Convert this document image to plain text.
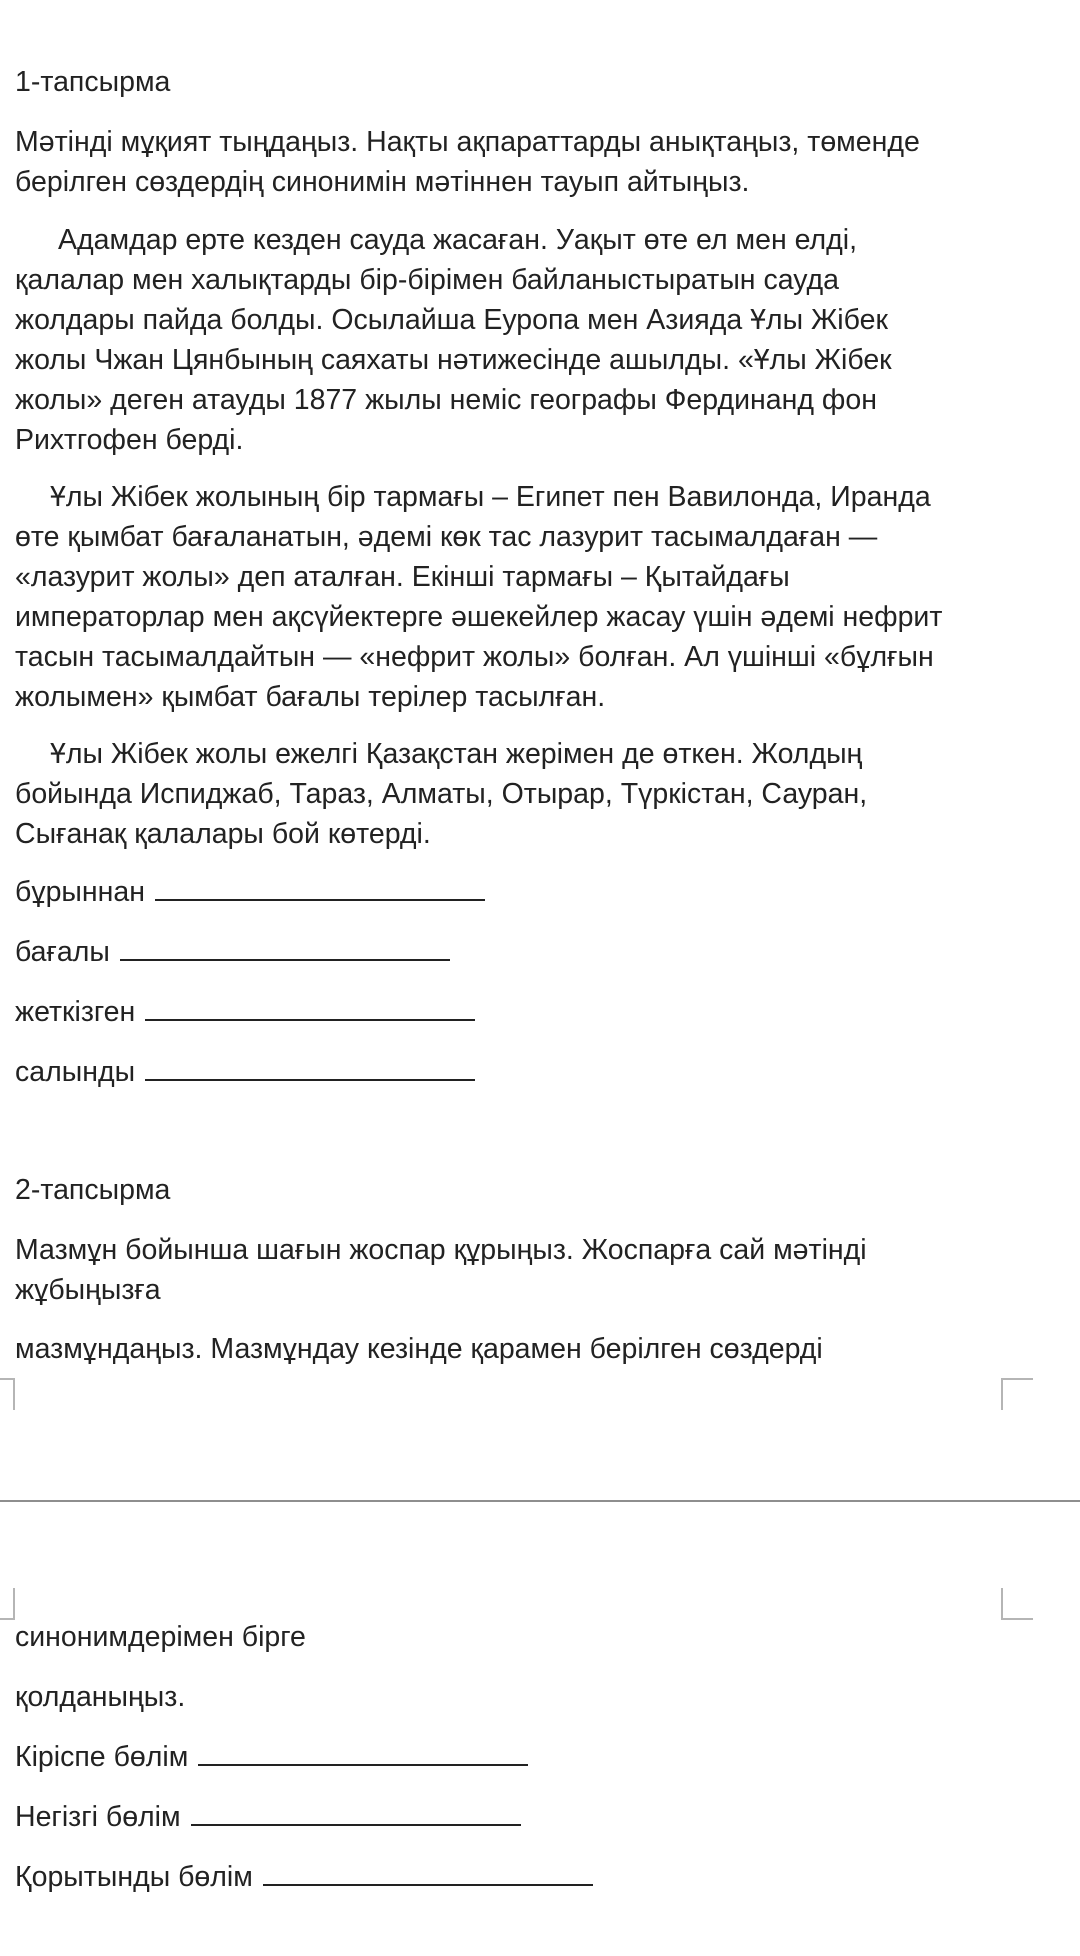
1-тапсырма

Мәтінді мұқият тыңдаңыз. Нақты ақпараттарды анықтаңыз, төменде

берілген сөздердің синонимін мәтіннен тауып айтыңыз.

Адамдар ерте кезден сауда жасаған. Уақыт өте ел мен елді,

қалалар мен халықтарды бір-бірімен байланыстыратын сауда

жолдары пайда болды. Осылайша Еуропа мен Азияда Ұлы Жібек

жолы Чжан Цянбының саяхаты нәтижесінде ашылды. «Ұлы Жібек

жолы» деген атауды 1877 жылы неміс географы Фердинанд фон

Рихтгофен берді.

Ұлы Жібек жолының бір тармағы – Египет пен Вавилонда, Иранда

өте қымбат бағаланатын, әдемі көк тас лазурит тасымалдаған —

«лазурит жолы» деп аталған. Екінші тармағы – Қытайдағы

императорлар мен ақсүйектерге әшекейлер жасау үшін әдемі нефрит

тасын тасымалдайтын — «нефрит жолы» болған. Ал үшінші «бұлғын

жолымен» қымбат бағалы терілер тасылған.

Ұлы Жібек жолы ежелгі Қазақстан жерімен де өткен. Жолдың

бойында Испиджаб, Тараз, Алматы, Отырар, Түркістан, Сауран,

Сығанақ қалалары бой көтерді.

бұрыннан
бағалы
жеткізген
салынды

2-тапсырма

Мазмұн бойынша шағын жоспар құрыңыз. Жоспарға сай мәтінді

жұбыңызға

мазмұндаңыз. Мазмұндау кезінде қарамен берілген сөздерді

синонимдерімен бірге

қолданыңыз.

Кіріспе бөлім
Негізгі бөлім
Қорытынды бөлім
